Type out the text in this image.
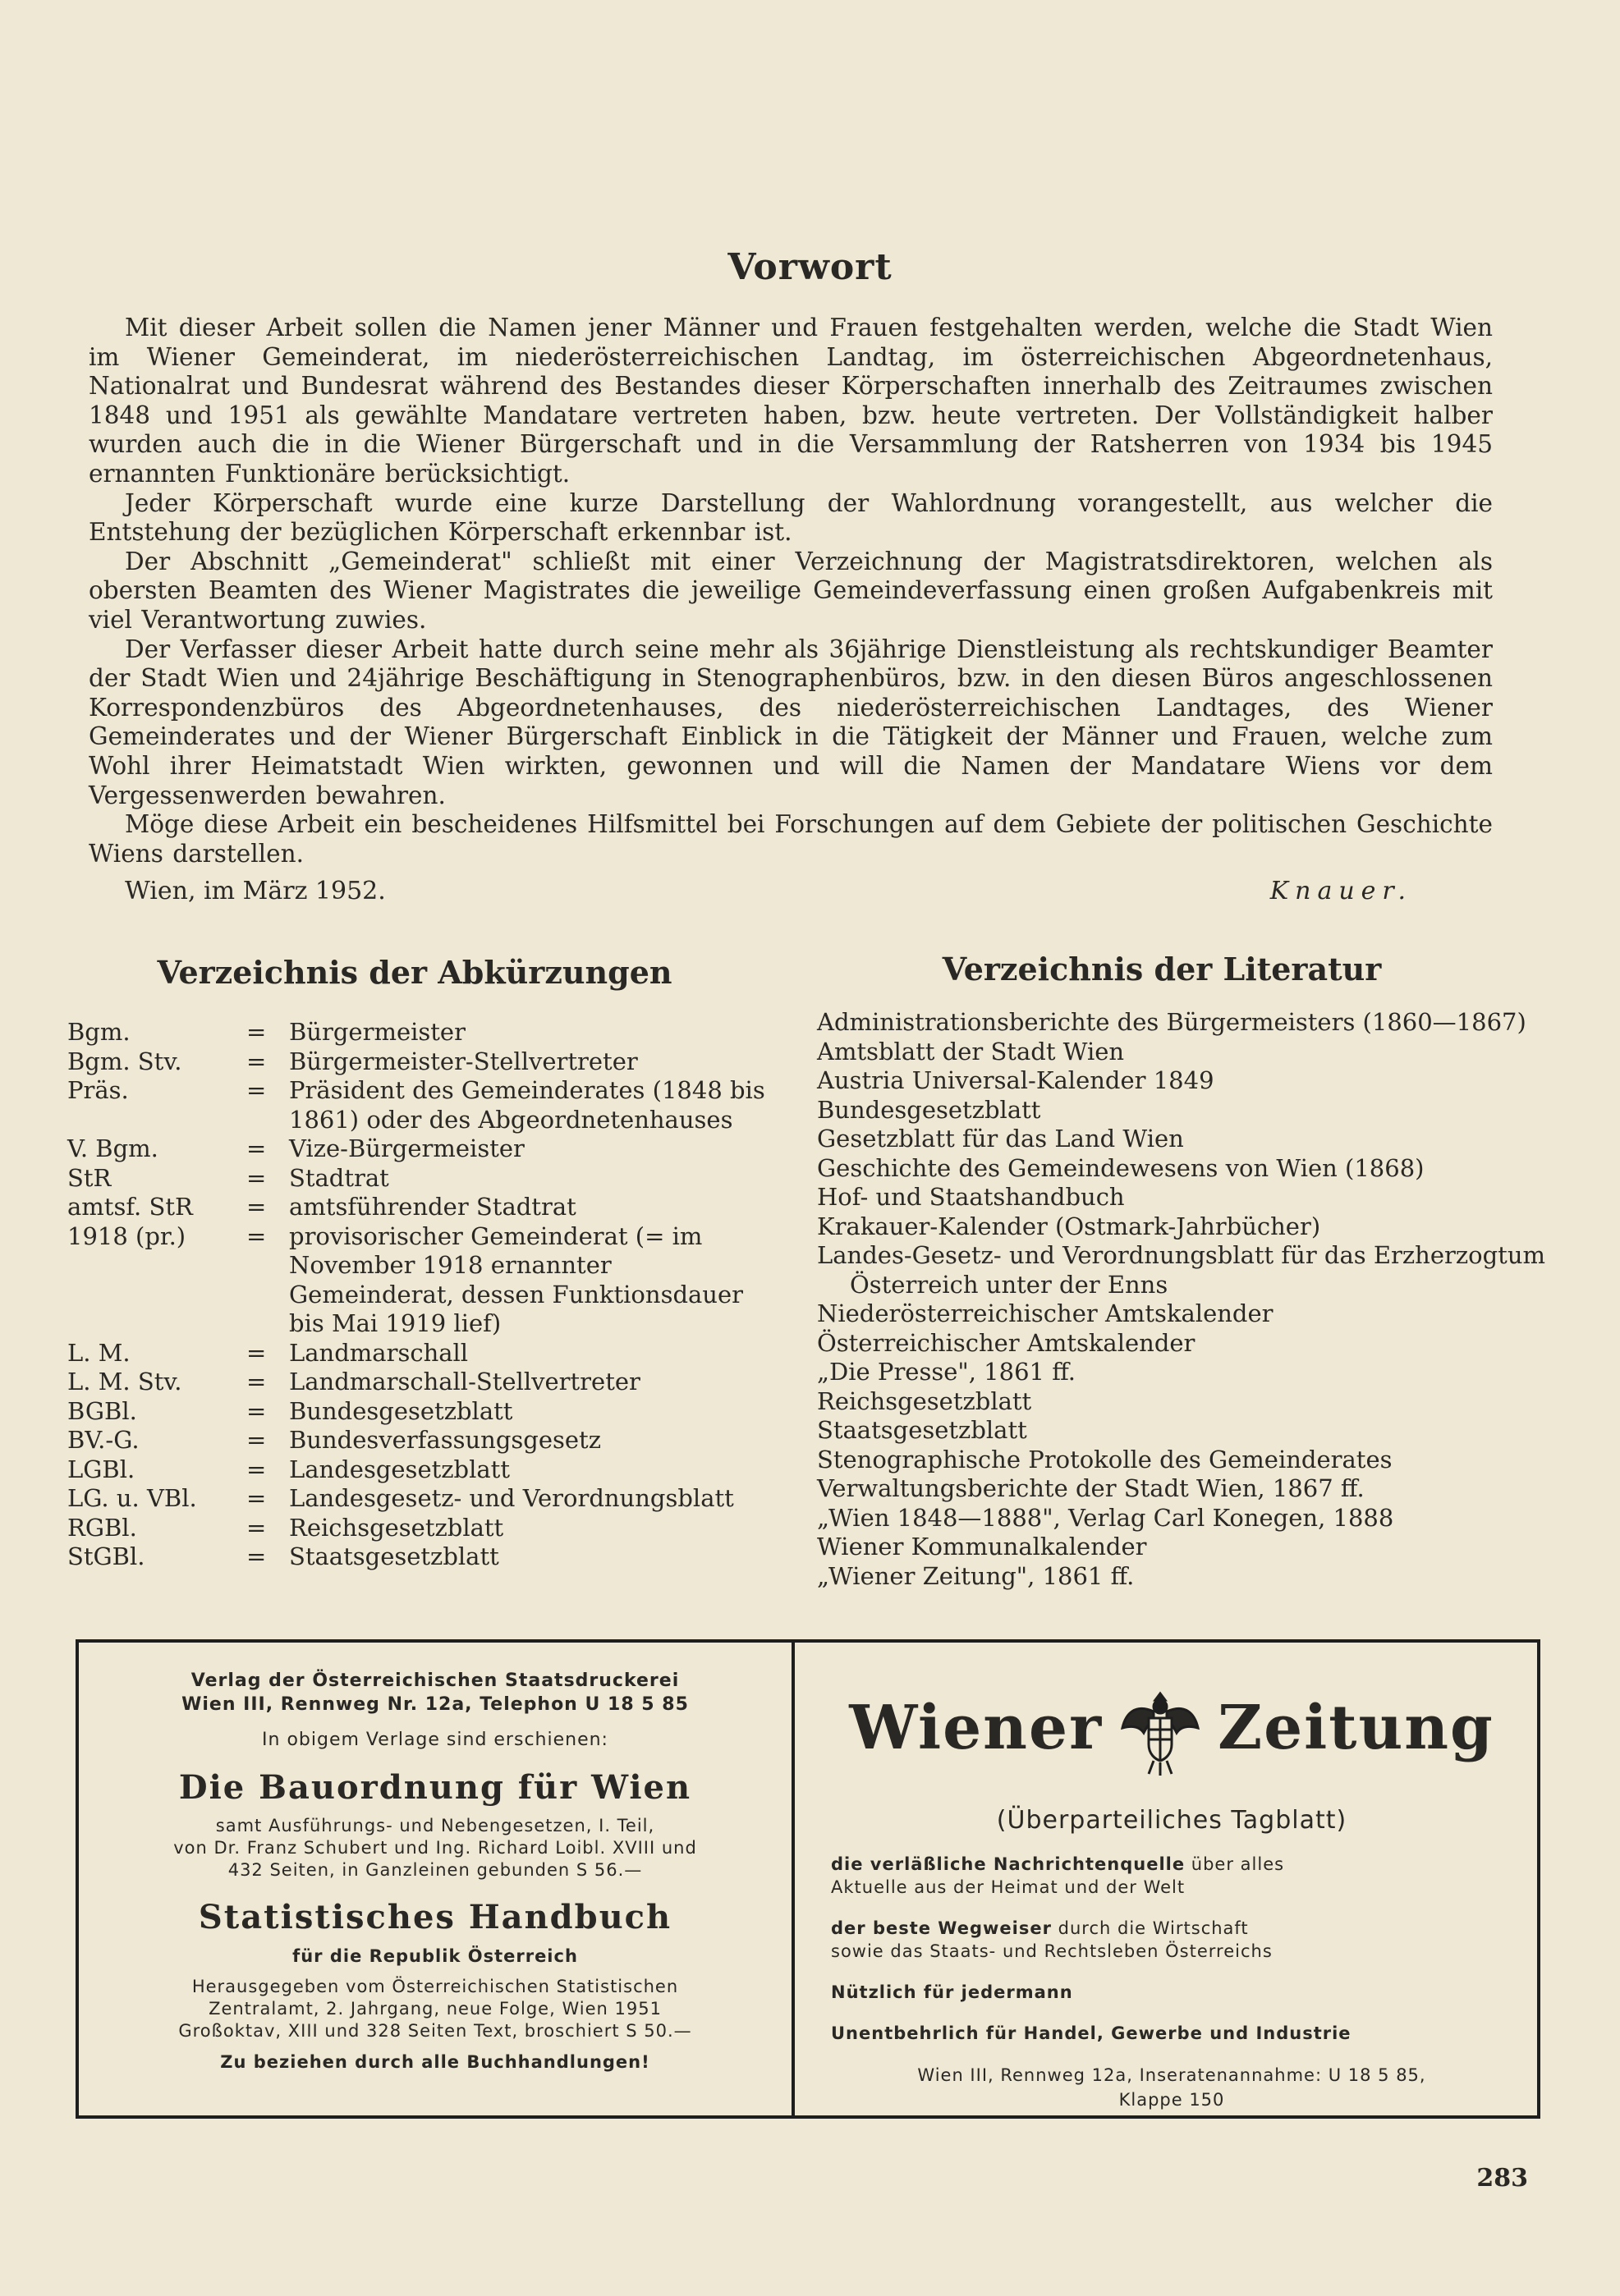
Vorwort

Mit dieser Arbeit sollen die Namen jener Männer und Frauen festgehalten werden, welche die Stadt Wien im Wiener Gemeinderat, im niederösterreichischen Landtag, im österreichischen Abgeordnetenhaus, Nationalrat und Bundesrat während des Bestandes dieser Körperschaften innerhalb des Zeitraumes zwischen 1848 und 1951 als gewählte Mandatare vertreten haben, bzw. heute vertreten. Der Vollständigkeit halber wurden auch die in die Wiener Bürgerschaft und in die Versammlung der Ratsherren von 1934 bis 1945 ernannten Funktionäre berücksichtigt.

Jeder Körperschaft wurde eine kurze Darstellung der Wahlordnung vorangestellt, aus welcher die Entstehung der bezüglichen Körperschaft erkennbar ist.

Der Abschnitt „Gemeinderat" schließt mit einer Verzeichnung der Magistratsdirektoren, welchen als obersten Beamten des Wiener Magistrates die jeweilige Gemeindeverfassung einen großen Aufgabenkreis mit viel Verantwortung zuwies.

Der Verfasser dieser Arbeit hatte durch seine mehr als 36jährige Dienstleistung als rechtskundiger Beamter der Stadt Wien und 24jährige Beschäftigung in Stenographenbüros, bzw. in den diesen Büros angeschlossenen Korrespondenzbüros des Abgeordnetenhauses, des niederösterreichischen Landtages, des Wiener Gemeinderates und der Wiener Bürgerschaft Einblick in die Tätigkeit der Männer und Frauen, welche zum Wohl ihrer Heimatstadt Wien wirkten, gewonnen und will die Namen der Mandatare Wiens vor dem Vergessenwerden bewahren.

Möge diese Arbeit ein bescheidenes Hilfsmittel bei Forschungen auf dem Gebiete der politischen Geschichte Wiens darstellen.

Wien, im März 1952.	Knauer.
Verzeichnis der Abkürzungen	Verzeichnis der Literatur
Bgm.	= Bürgermeister
Bgm. Stv.	= Bürgermeister-Stellvertreter
Präs.	= Präsident des Gemeinderates (1848 bis 1861) oder des Abgeordnetenhauses
V. Bgm.	= Vize-Bürgermeister
StR	= Stadtrat
amtsf. StR	= amtsführender Stadtrat
1918 (pr.)	= provisorischer Gemeinderat (= im November 1918 ernannter Gemeinderat, dessen Funktionsdauer bis Mai 1919 lief)
L. M.	= Landmarschall
L. M. Stv.	= Landmarschall-Stellvertreter
BGBl.	= Bundesgesetzblatt
BV.-G.	= Bundesverfassungsgesetz
LGBl.	= Landesgesetzblatt
LG. u. VBl.	= Landesgesetz- und Verordnungsblatt
RGBl.	= Reichsgesetzblatt
StGBl.	= Staatsgesetzblatt
Administrationsberichte des Bürgermeisters (1860—1867)
Amtsblatt der Stadt Wien
Austria Universal-Kalender 1849
Bundesgesetzblatt
Gesetzblatt für das Land Wien
Geschichte des Gemeindewesens von Wien (1868)
Hof- und Staatshandbuch
Krakauer-Kalender (Ostmark-Jahrbücher)
Landes-Gesetz- und Verordnungsblatt für das Erzherzogtum Österreich unter der Enns
Niederösterreichischer Amtskalender
Österreichischer Amtskalender
„Die Presse", 1861 ff.
Reichsgesetzblatt
Staatsgesetzblatt
Stenographische Protokolle des Gemeinderates
Verwaltungsberichte der Stadt Wien, 1867 ff.
„Wien 1848—1888", Verlag Carl Konegen, 1888
Wiener Kommunalkalender
„Wiener Zeitung", 1861 ff.
Verlag der Österreichischen Staatsdruckerei
Wien III, Rennweg Nr. 12a, Telephon U 18 5 85
In obigem Verlage sind erschienen:
Die Bauordnung für Wien
samt Ausführungs- und Nebengesetzen, I. Teil,
von Dr. Franz Schubert und Ing. Richard Loibl. XVIII und
432 Seiten, in Ganzleinen gebunden S 56.—
Statistisches Handbuch
für die Republik Österreich
Herausgegeben vom Österreichischen Statistischen
Zentralamt, 2. Jahrgang, neue Folge, Wien 1951
Großoktav, XIII und 328 Seiten Text, broschiert S 50.—
Zu beziehen durch alle Buchhandlungen!
Wiener Zeitung
(Überparteiliches Tagblatt)
die verläßliche Nachrichtenquelle über alles
Aktuelle aus der Heimat und der Welt
der beste Wegweiser durch die Wirtschaft
sowie das Staats- und Rechtsleben Österreichs
Nützlich für jedermann
Unentbehrlich für Handel, Gewerbe und Industrie
Wien III, Rennweg 12a, Inseratenannahme: U 18 5 85,
Klappe 150
283
